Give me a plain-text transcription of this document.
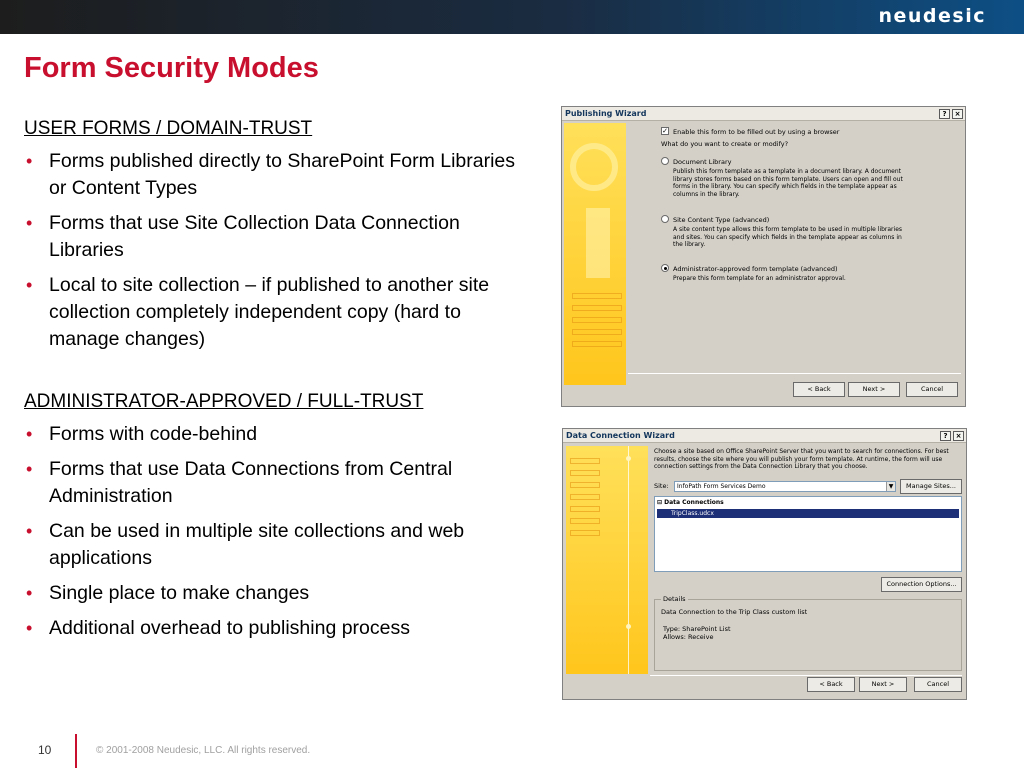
neudesic
Form Security Modes
USER FORMS / DOMAIN-TRUST
• Forms published directly to SharePoint Form Libraries or Content Types
• Forms that use Site Collection Data Connection Libraries
• Local to site collection – if published to another site collection completely independent copy (hard to manage changes)
ADMINISTRATOR-APPROVED / FULL-TRUST
• Forms with code-behind
• Forms that use Data Connections from Central Administration
• Can be used in multiple site collections and web applications
• Single place to make changes
• Additional overhead to publishing process
Publishing Wizard	?	×
✓ Enable this form to be filled out by using a browser
What do you want to create or modify?
Document Library
Publish this form template as a template in a document library. A document library stores forms based on this form template. Users can open and fill out forms in the library. You can specify which fields in the template appear as columns in the library.
Site Content Type (advanced)
A site content type allows this form template to be used in multiple libraries and sites. You can specify which fields in the template appear as columns in the library.
Administrator-approved form template (advanced)
Prepare this form template for an administrator approval.
< Back	Next >	Cancel
Data Connection Wizard	?	×
Choose a site based on Office SharePoint Server that you want to search for connections. For best results, choose the site where you will publish your form template. At runtime, the form will use connection settings from the Data Connection Library that you choose.
Site:	InfoPath Form Services Demo	▼	Manage Sites...
⊟ Data Connections
TripClass.udcx
Connection Options...
Details
Data Connection to the Trip Class custom list
Type: SharePoint List
Allows: Receive
< Back	Next >	Cancel
10	© 2001-2008 Neudesic, LLC. All rights reserved.
